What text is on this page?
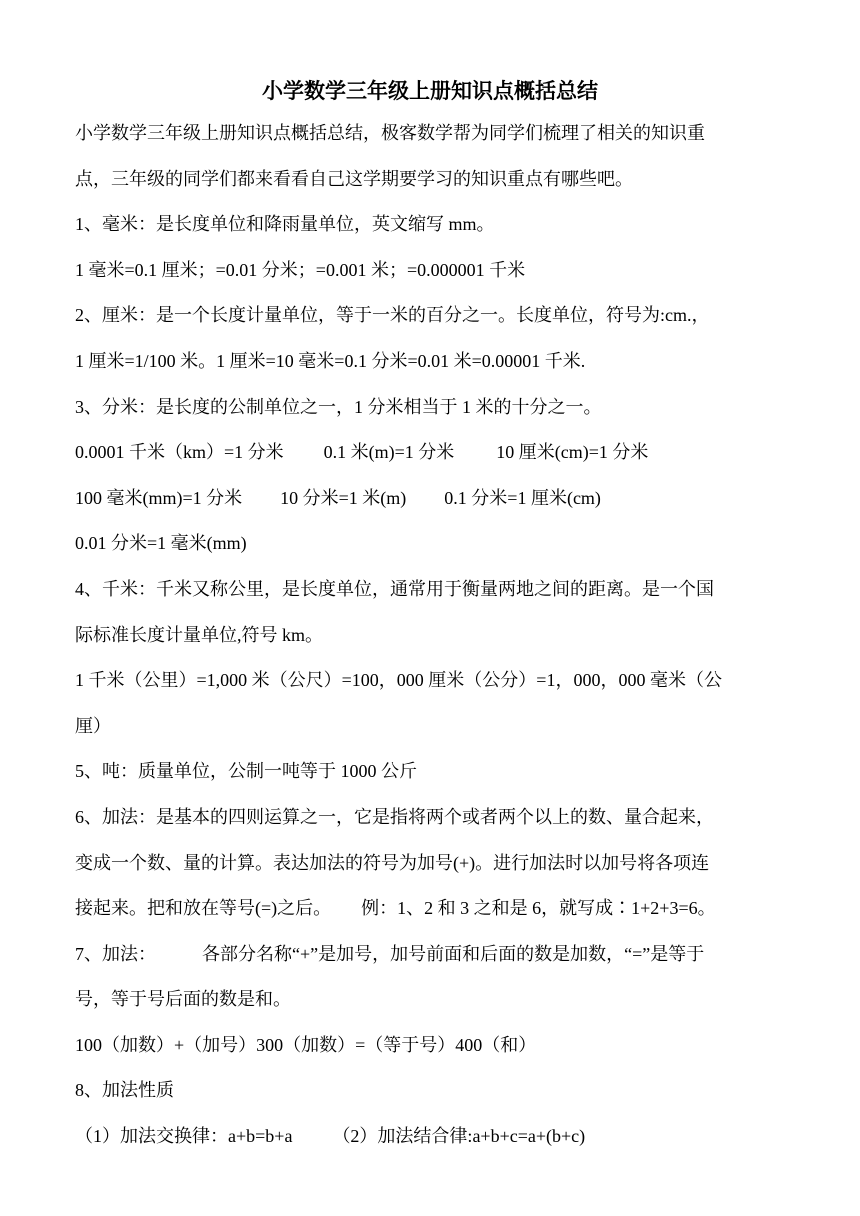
小学数学三年级上册知识点概括总结
小学数学三年级上册知识点概括总结，极客数学帮为同学们梳理了相关的知识重
点，三年级的同学们都来看看自己这学期要学习的知识重点有哪些吧。
1、毫米：是长度单位和降雨量单位，英文缩写 mm。
1 毫米=0.1 厘米；=0.01 分米；=0.001 米；=0.000001 千米
2、厘米：是一个长度计量单位，等于一米的百分之一。长度单位，符号为:cm.，
1 厘米=1/100 米。1 厘米=10 毫米=0.1 分米=0.01 米=0.00001 千米.
3、分米：是长度的公制单位之一，1 分米相当于 1 米的十分之一。
0.0001 千米（km）=1 分米 0.1 米(m)=1 分米 10 厘米(cm)=1 分米
100 毫米(mm)=1 分米 10 分米=1 米(m) 0.1 分米=1 厘米(cm)
0.01 分米=1 毫米(mm)
4、千米：千米又称公里，是长度单位，通常用于衡量两地之间的距离。是一个国
际标准长度计量单位,符号 km。
1 千米（公里）=1,000 米（公尺）=100，000 厘米（公分）=1，000，000 毫米（公
厘）
5、吨：质量单位，公制一吨等于 1000 公斤
6、加法：是基本的四则运算之一，它是指将两个或者两个以上的数、量合起来，
变成一个数、量的计算。表达加法的符号为加号(+)。进行加法时以加号将各项连
接起来。把和放在等号(=)之后。 例：1、2 和 3 之和是 6，就写成∶1+2+3=6。
7、加法：	各部分名称“+”是加号，加号前面和后面的数是加数，“=”是等于
号，等于号后面的数是和。
100（加数）+（加号）300（加数）=（等于号）400（和）
8、加法性质
（1）加法交换律：a+b=b+a （2）加法结合律:a+b+c=a+(b+c)
